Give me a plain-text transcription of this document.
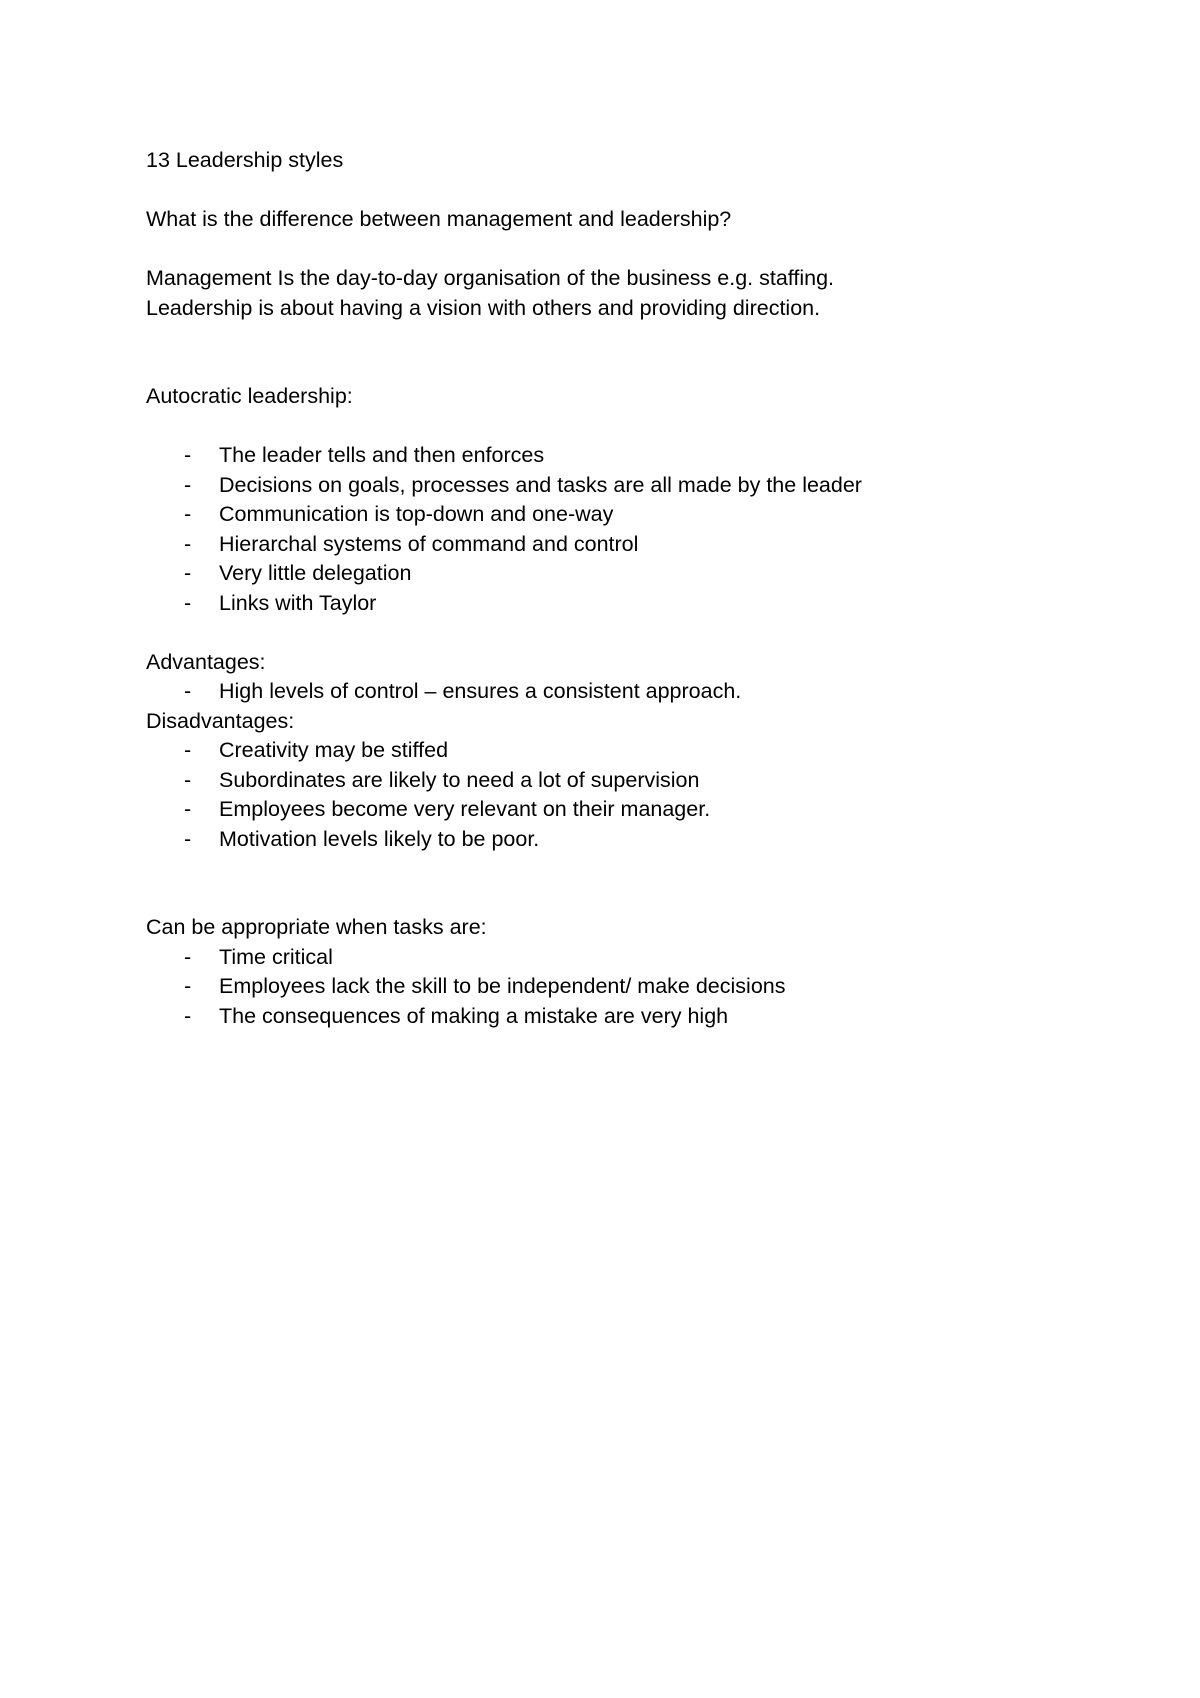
13 Leadership styles
What is the difference between management and leadership?
Management Is the day-to-day organisation of the business e.g. staffing.
Leadership is about having a vision with others and providing direction.
Autocratic leadership:
- The leader tells and then enforces
- Decisions on goals, processes and tasks are all made by the leader
- Communication is top-down and one-way
- Hierarchal systems of command and control
- Very little delegation
- Links with Taylor
Advantages:
- High levels of control – ensures a consistent approach.
Disadvantages:
- Creativity may be stiffed
- Subordinates are likely to need a lot of supervision
- Employees become very relevant on their manager.
- Motivation levels likely to be poor.
Can be appropriate when tasks are:
- Time critical
- Employees lack the skill to be independent/ make decisions
- The consequences of making a mistake are very high
